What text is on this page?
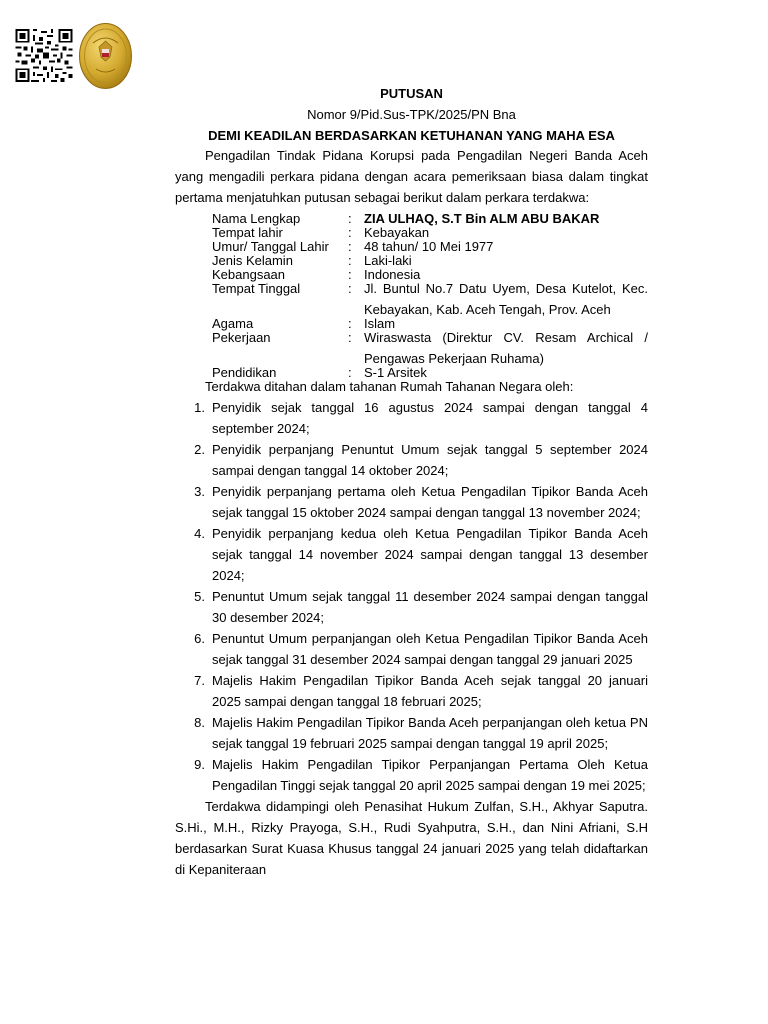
PUTUSAN
Nomor 9/Pid.Sus-TPK/2025/PN Bna
DEMI KEADILAN BERDASARKAN KETUHANAN YANG MAHA ESA

Pengadilan Tindak Pidana Korupsi pada Pengadilan Negeri Banda Aceh yang mengadili perkara pidana dengan acara pemeriksaan biasa dalam tingkat pertama menjatuhkan putusan sebagai berikut dalam perkara terdakwa:

Nama Lengkap	: ZIA ULHAQ, S.T Bin ALM ABU BAKAR
Tempat lahir	: Kebayakan
Umur/ Tanggal Lahir	: 48 tahun/ 10 Mei 1977
Jenis Kelamin	: Laki-laki
Kebangsaan	: Indonesia
Tempat Tinggal	: Jl. Buntul No.7 Datu Uyem, Desa Kutelot, Kec. Kebayakan, Kab. Aceh Tengah, Prov. Aceh
Agama	: Islam
Pekerjaan	: Wiraswasta (Direktur CV. Resam Archical / Pengawas Pekerjaan Ruhama)
Pendidikan	: S-1 Arsitek
Terdakwa ditahan dalam tahanan Rumah Tahanan Negara oleh:
1. Penyidik sejak tanggal 16 agustus 2024 sampai dengan tanggal 4 september 2024;
2. Penyidik perpanjang Penuntut Umum sejak tanggal 5 september 2024 sampai dengan tanggal 14 oktober 2024;
3. Penyidik perpanjang pertama oleh Ketua Pengadilan Tipikor Banda Aceh sejak tanggal 15 oktober 2024 sampai dengan tanggal 13 november 2024;
4. Penyidik perpanjang kedua oleh Ketua Pengadilan Tipikor Banda Aceh sejak tanggal 14 november 2024 sampai dengan tanggal 13 desember 2024;
5. Penuntut Umum sejak tanggal 11 desember 2024 sampai dengan tanggal 30 desember 2024;
6. Penuntut Umum perpanjangan oleh Ketua Pengadilan Tipikor Banda Aceh sejak tanggal 31 desember 2024 sampai dengan tanggal 29 januari 2025
7. Majelis Hakim Pengadilan Tipikor Banda Aceh sejak tanggal 20 januari 2025 sampai dengan tanggal 18 februari 2025;
8. Majelis Hakim Pengadilan Tipikor Banda Aceh perpanjangan oleh ketua PN sejak tanggal 19 februari 2025 sampai dengan tanggal 19 april 2025;
9. Majelis Hakim Pengadilan Tipikor Perpanjangan Pertama Oleh Ketua Pengadilan Tinggi sejak tanggal 20 april 2025 sampai dengan 19 mei 2025;

Terdakwa didampingi oleh Penasihat Hukum Zulfan, S.H., Akhyar Saputra. S.Hi., M.H., Rizky Prayoga, S.H., Rudi Syahputra, S.H., dan Nini Afriani, S.H berdasarkan Surat Kuasa Khusus tanggal 24 januari 2025 yang telah didaftarkan di Kepaniteraan
